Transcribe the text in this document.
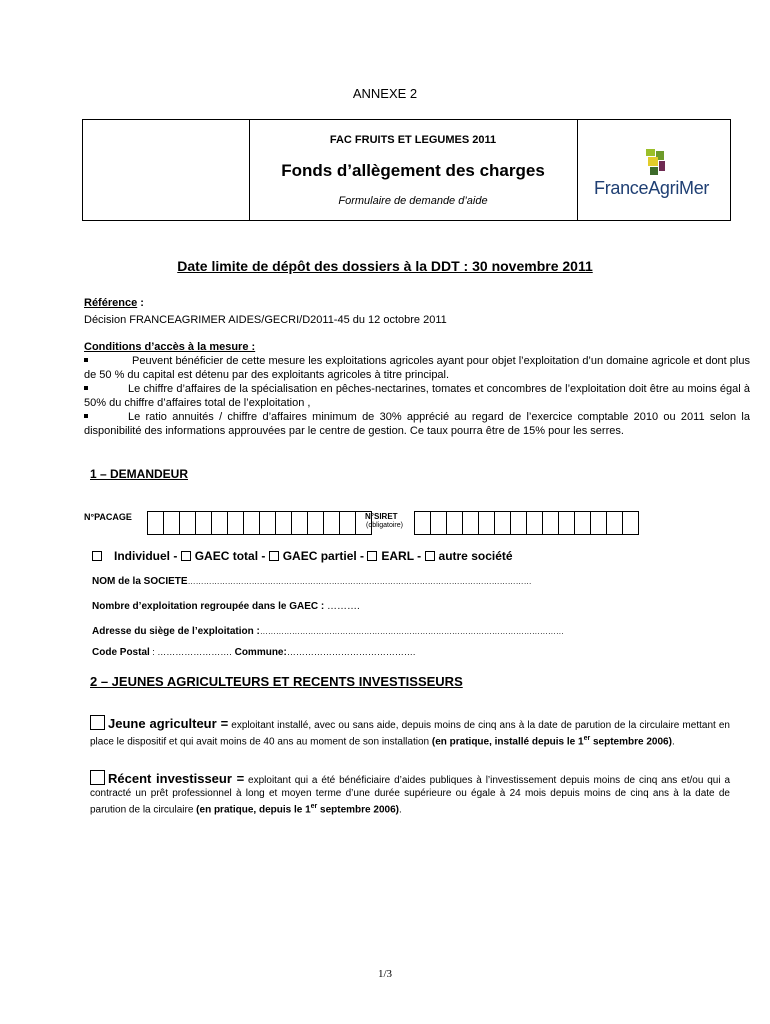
ANNEXE 2
FAC FRUITS ET LEGUMES 2011
Fonds d’allègement des charges
Formulaire de demande d’aide
FranceAgriMer
Date limite de dépôt des dossiers à la DDT : 30 novembre 2011
Référence :
Décision FRANCEAGRIMER AIDES/GECRI/D2011-45 du 12 octobre 2011
Conditions d’accès à la mesure :
Peuvent bénéficier de cette mesure les exploitations agricoles ayant pour objet l’exploitation d’un domaine agricole et dont plus de 50 % du capital est détenu par des exploitants agricoles à titre principal.
Le chiffre d’affaires de la spécialisation en pêches-nectarines, tomates et concombres de l’exploitation doit être au moins égal à 50% du chiffre d’affaires total de l’exploitation ,
Le ratio annuités / chiffre d’affaires minimum de 30% apprécié au regard de l’exercice comptable 2010 ou 2011 selon la disponibilité des informations approuvées par le centre de gestion. Ce taux pourra être de 15% pour les serres.
1 – DEMANDEUR
N°PACAGE	N°SIRET
(obligatoire)
Individuel - GAEC total - GAEC partiel - EARL - autre société
NOM de la SOCIETE…………………………………………………………………………………………………………………
Nombre d’exploitation regroupée dans le GAEC : ……….
Adresse du siège de l’exploitation :……………………………………………………………………………………………………
Code Postal : ……………………. Commune:…………………………………….
2 – JEUNES AGRICULTEURS ET RECENTS INVESTISSEURS
Jeune agriculteur = exploitant installé, avec ou sans aide, depuis moins de cinq ans à la date de parution de la circulaire mettant en place le dispositif et qui avait moins de 40 ans au moment de son installation (en pratique, installé depuis le 1er septembre 2006).
Récent investisseur = exploitant qui a été bénéficiaire d’aides publiques à l’investissement depuis moins de cinq ans et/ou qui a contracté un prêt professionnel à long et moyen terme d’une durée supérieure ou égale à 24 mois depuis moins de cinq ans à la date de parution de la circulaire (en pratique, depuis le 1er septembre 2006).
1/3
